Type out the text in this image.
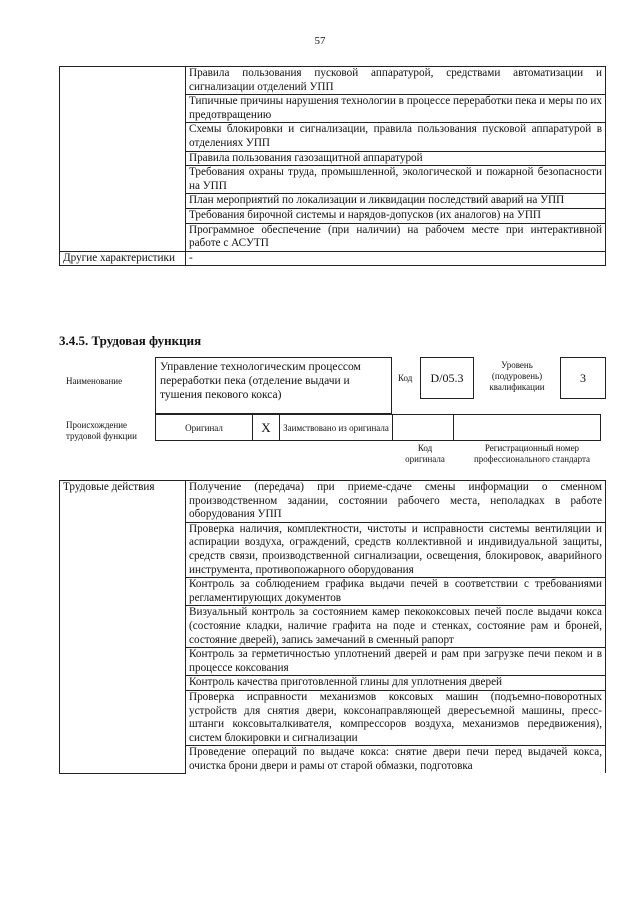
57
	Правила пользования пусковой аппаратурой, средствами автоматизации и сигнализации отделений УПП
	Типичные причины нарушения технологии в процессе переработки пека и меры по их предотвращению
	Схемы блокировки и сигнализации, правила пользования пусковой аппаратурой в отделениях УПП
	Правила пользования газозащитной аппаратурой
	Требования охраны труда, промышленной, экологической и пожарной безопасности на УПП
	План мероприятий по локализации и ликвидации последствий аварий на УПП
	Требования бирочной системы и нарядов-допусков (их аналогов) на УПП
	Программное обеспечение (при наличии) на рабочем месте при интерактивной работе с АСУТП
Другие характеристики	-
3.4.5. Трудовая функция
Наименование
Управление технологическим процессом переработки пека (отделение выдачи и тушения пекового кокса)
Код	D/05.3
Уровень (подуровень) квалификации
3
Происхождение трудовой функции
Оригинал	X	Заимствовано из оригинала		
Код оригинала
Регистрационный номер профессионального стандарта
Трудовые действия	Получение (передача) при приеме-сдаче смены информации о сменном производственном задании, состоянии рабочего места, неполадках в работе оборудования УПП
Проверка наличия, комплектности, чистоты и исправности системы вентиляции и аспирации воздуха, ограждений, средств коллективной и индивидуальной защиты, средств связи, производственной сигнализации, освещения, блокировок, аварийного инструмента, противопожарного оборудования
Контроль за соблюдением графика выдачи печей в соответствии с требованиями регламентирующих документов
Визуальный контроль за состоянием камер пекококсовых печей после выдачи кокса (состояние кладки, наличие графита на поде и стенках, состояние рам и броней, состояние дверей), запись замечаний в сменный рапорт
Контроль за герметичностью уплотнений дверей и рам при загрузке печи пеком и в процессе коксования
Контроль качества приготовленной глины для уплотнения дверей
Проверка исправности механизмов коксовых машин (подъемно-поворотных устройств для снятия двери, коксонаправляющей двересъемной машины, пресс-штанги коксовыталкивателя, компрессоров воздуха, механизмов передвижения), систем блокировки и сигнализации
Проведение операций по выдаче кокса: снятие двери печи перед выдачей кокса, очистка брони двери и рамы от старой обмазки, подготовка
